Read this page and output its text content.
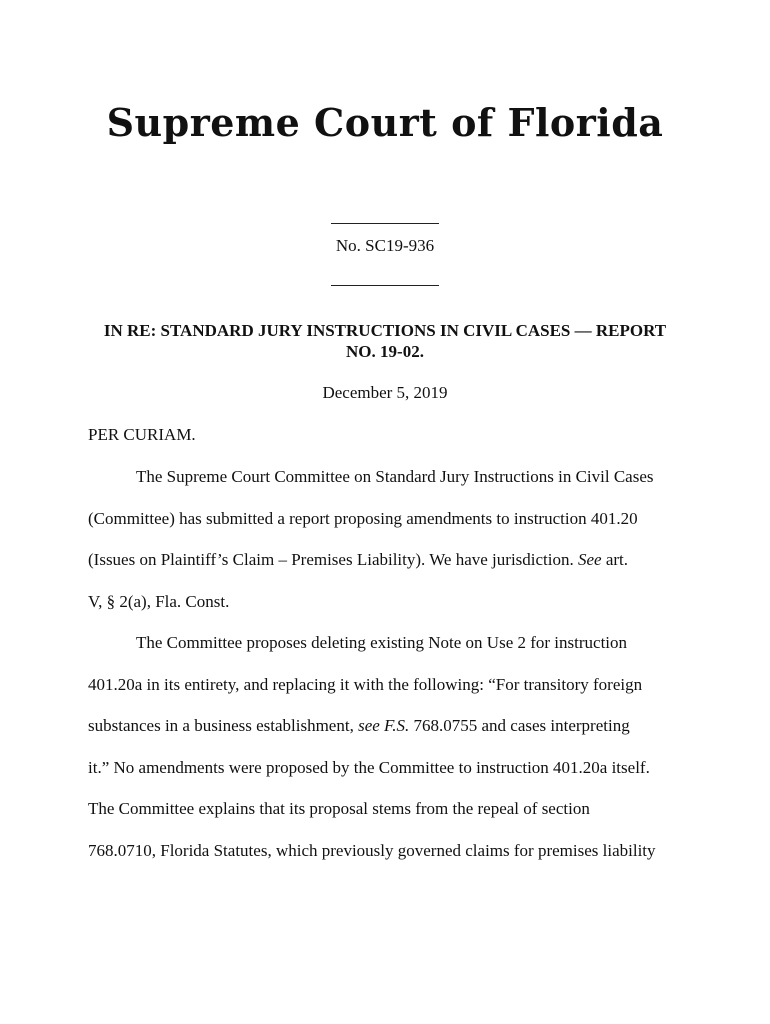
Supreme Court of Florida
No. SC19-936
IN RE: STANDARD JURY INSTRUCTIONS IN CIVIL CASES — REPORT NO. 19-02.
December 5, 2019
PER CURIAM.
The Supreme Court Committee on Standard Jury Instructions in Civil Cases
(Committee) has submitted a report proposing amendments to instruction 401.20
(Issues on Plaintiff’s Claim – Premises Liability). We have jurisdiction. See art.
V, § 2(a), Fla. Const.
The Committee proposes deleting existing Note on Use 2 for instruction
401.20a in its entirety, and replacing it with the following: “For transitory foreign
substances in a business establishment, see F.S. 768.0755 and cases interpreting
it.” No amendments were proposed by the Committee to instruction 401.20a itself.
The Committee explains that its proposal stems from the repeal of section
768.0710, Florida Statutes, which previously governed claims for premises liability
